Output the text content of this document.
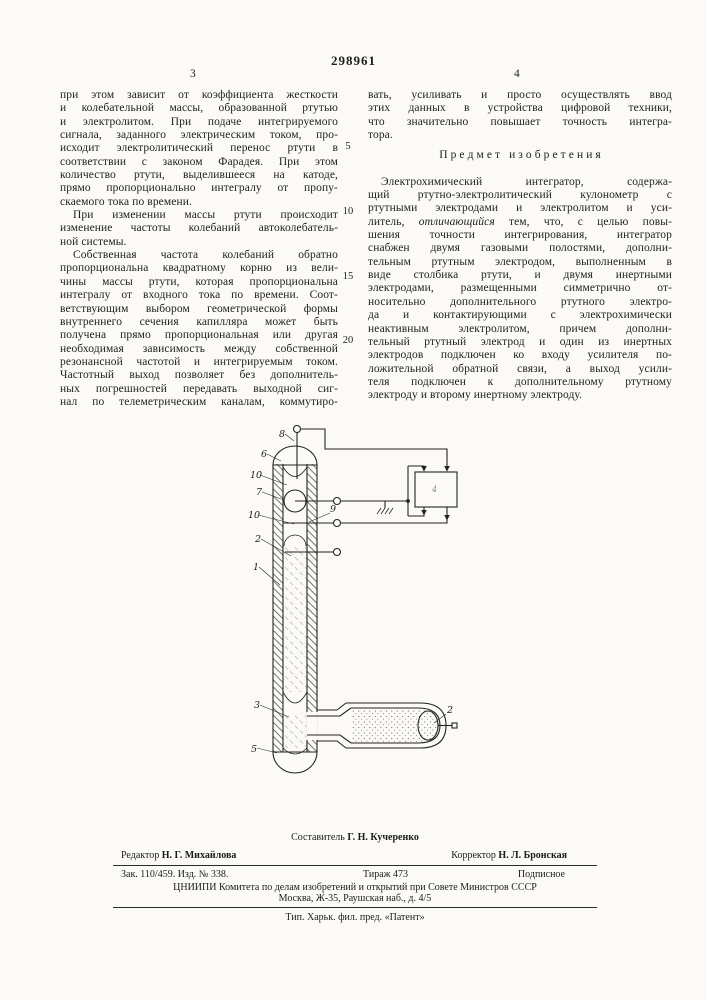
298961
3	4
при этом зависит от коэффициента жесткости
и колебательной массы, образованной ртутью
и электролитом. При подаче интегрируемого
сигнала, заданного электрическим током, про-
исходит электролитический перенос ртути в
соответствии с законом Фарадея. При этом
количество ртути, выделившееся на катоде,
прямо пропорционально интегралу от пропу-
скаемого тока по времени.
При изменении массы ртути происходит
изменение частоты колебаний автоколебатель-
ной системы.
Собственная частота колебаний обратно
пропорциональна квадратному корню из вели-
чины массы ртути, которая пропорциональна
интегралу от входного тока по времени. Соот-
ветствующим выбором геометрической формы
внутреннего сечения капилляра может быть
получена прямо пропорциональная или другая
необходимая зависимость между собственной
резонансной частотой и интегрируемым током.
Частотный выход позволяет без дополнитель-
ных погрешностей передавать выходной сиг-
нал по телеметрическим каналам, коммутиро-
вать, усиливать и просто осуществлять ввод
этих данных в устройства цифровой техники,
что значительно повышает точность интегра-
тора.
П р е д м е т   и з о б р е т е н и я
Электрохимический интегратор, содержа-
щий ртутно-электролитический кулонометр с
ртутными электродами и электролитом и уси-
литель, отличающийся тем, что, с целью повы-
шения точности интегрирования, интегратор
снабжен двумя газовыми полостями, дополни-
тельным ртутным электродом, выполненным в
виде столбика ртути, и двумя инертными
электродами, размещенными симметрично от-
носительно дополнительного ртутного электро-
да и контактирующими с электрохимически
неактивным электролитом, причем дополни-
тельный ртутный электрод и один из инертных
электродов подключен ко входу усилителя по-
ложительной обратной связи, а выход усили-
теля подключен к дополнительному ртутному
электроду и второму инертному электроду.
5
10
15
20
8
6
10
7
10
2
1
9
3
5
2
4
Составитель Г. Н. Кучеренко
Редактор Н. Г. Михайлова	Корректор Н. Л. Бронская
Зак. 110/459. Изд. № 338.	Тираж 473	Подписное
ЦНИИПИ Комитета по делам изобретений и открытий при Совете Министров СССР
Москва, Ж-35, Раушская наб., д. 4/5
Тип. Харьк. фил. пред. «Патент»
